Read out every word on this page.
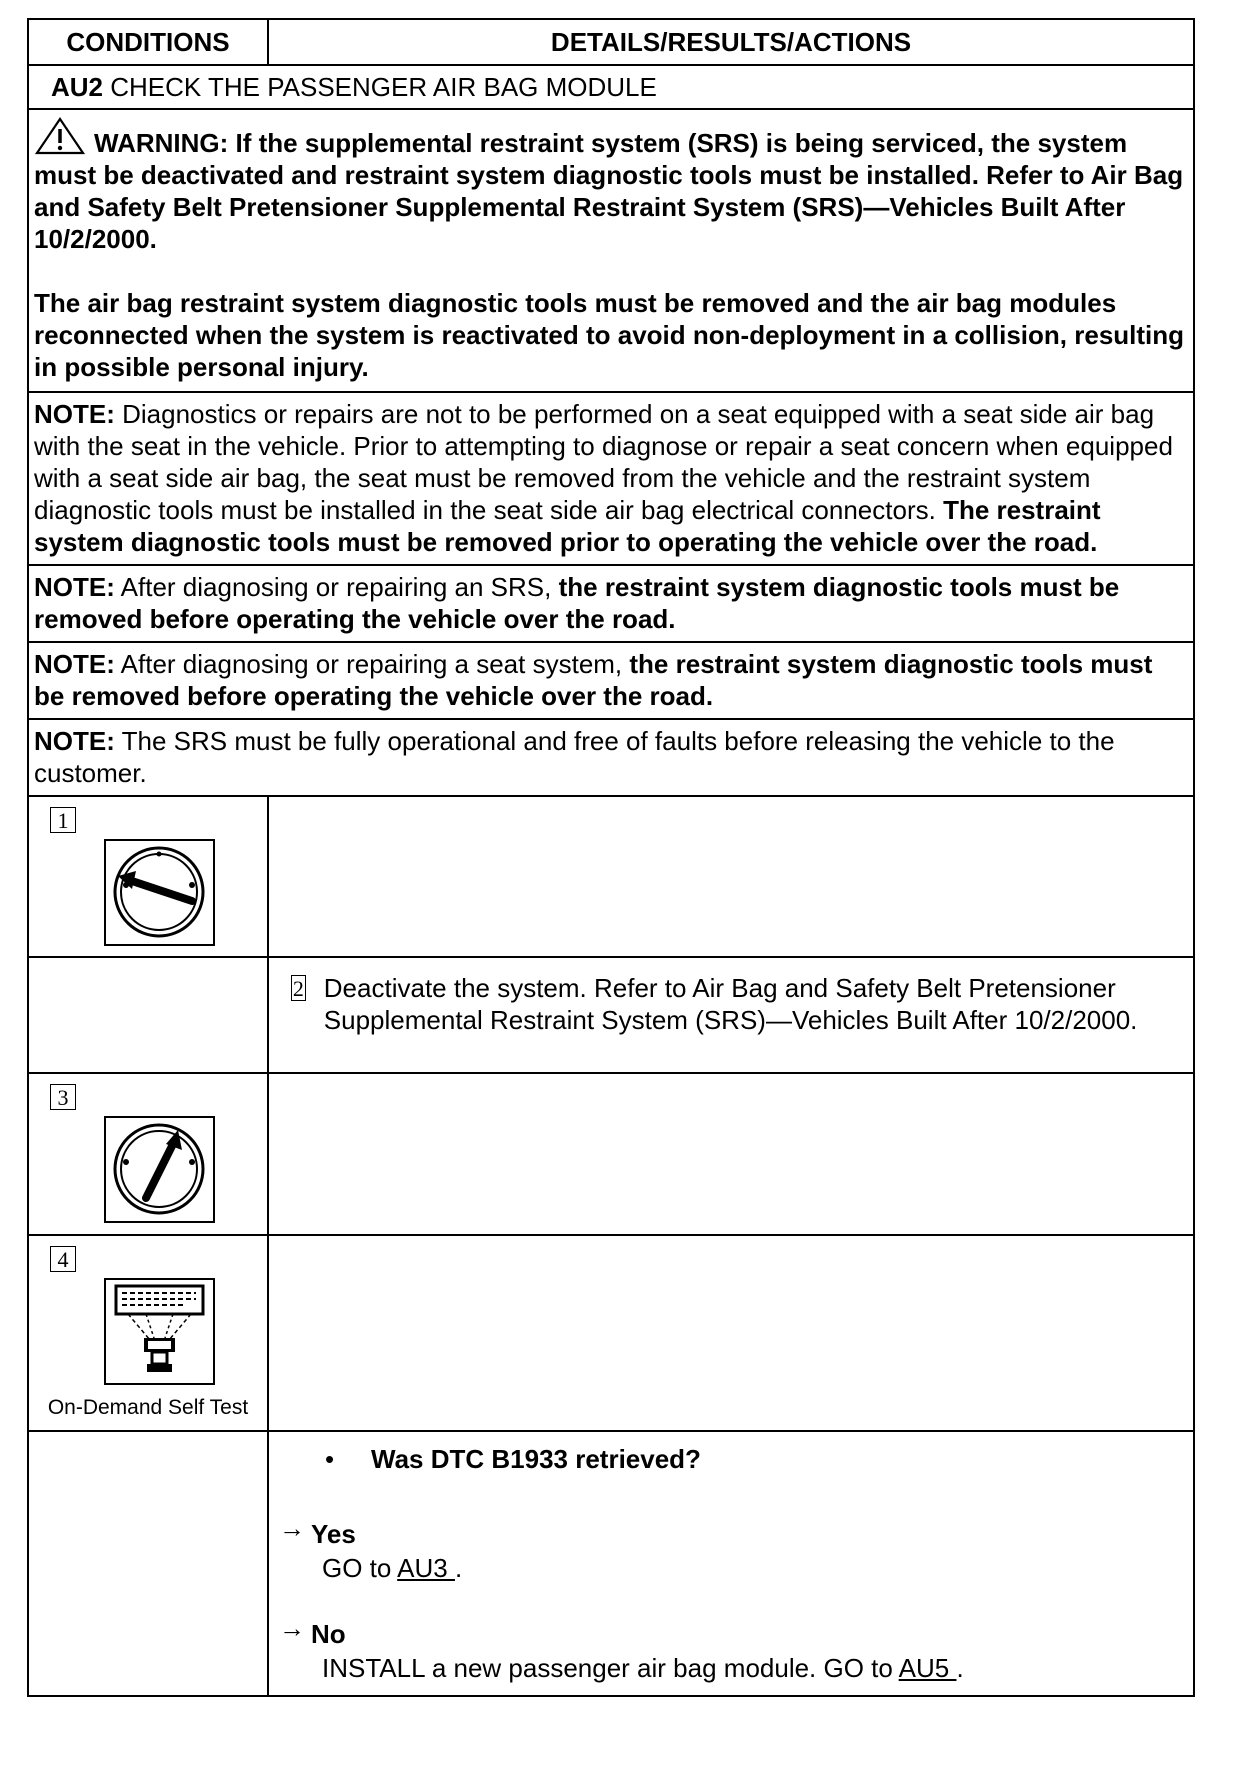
CONDITIONS	DETAILS/RESULTS/ACTIONS
AU2 CHECK THE PASSENGER AIR BAG MODULE	

WARNING: If the supplemental restraint system (SRS) is being serviced, the system must be deactivated and restraint system diagnostic tools must be installed. Refer to Air Bag and Safety Belt Pretensioner Supplemental Restraint System (SRS)—Vehicles Built After 10/2/2000.

The air bag restraint system diagnostic tools must be removed and the air bag modules reconnected when the system is reactivated to avoid non-deployment in a collision, resulting in possible personal injury.	

NOTE: Diagnostics or repairs are not to be performed on a seat equipped with a seat side air bag with the seat in the vehicle. Prior to attempting to diagnose or repair a seat concern when equipped with a seat side air bag, the seat must be removed from the vehicle and the restraint system diagnostic tools must be installed in the seat side air bag electrical connectors. The restraint system diagnostic tools must be removed prior to operating the vehicle over the road.	
NOTE: After diagnosing or repairing an SRS, the restraint system diagnostic tools must be removed before operating the vehicle over the road.	
NOTE: After diagnosing or repairing a seat system, the restraint system diagnostic tools must be removed before operating the vehicle over the road.	
NOTE: The SRS must be fully operational and free of faults before releasing the vehicle to the customer.	

1	

	2 Deactivate the system. Refer to Air Bag and Safety Belt Pretensioner Supplemental Restraint System (SRS)—Vehicles Built After 10/2/2000.

3	

4
On-Demand Self Test	

	• Was DTC B1933 retrieved?
→ Yes
GO to AU3 .
→ No
INSTALL a new passenger air bag module. GO to AU5 .
